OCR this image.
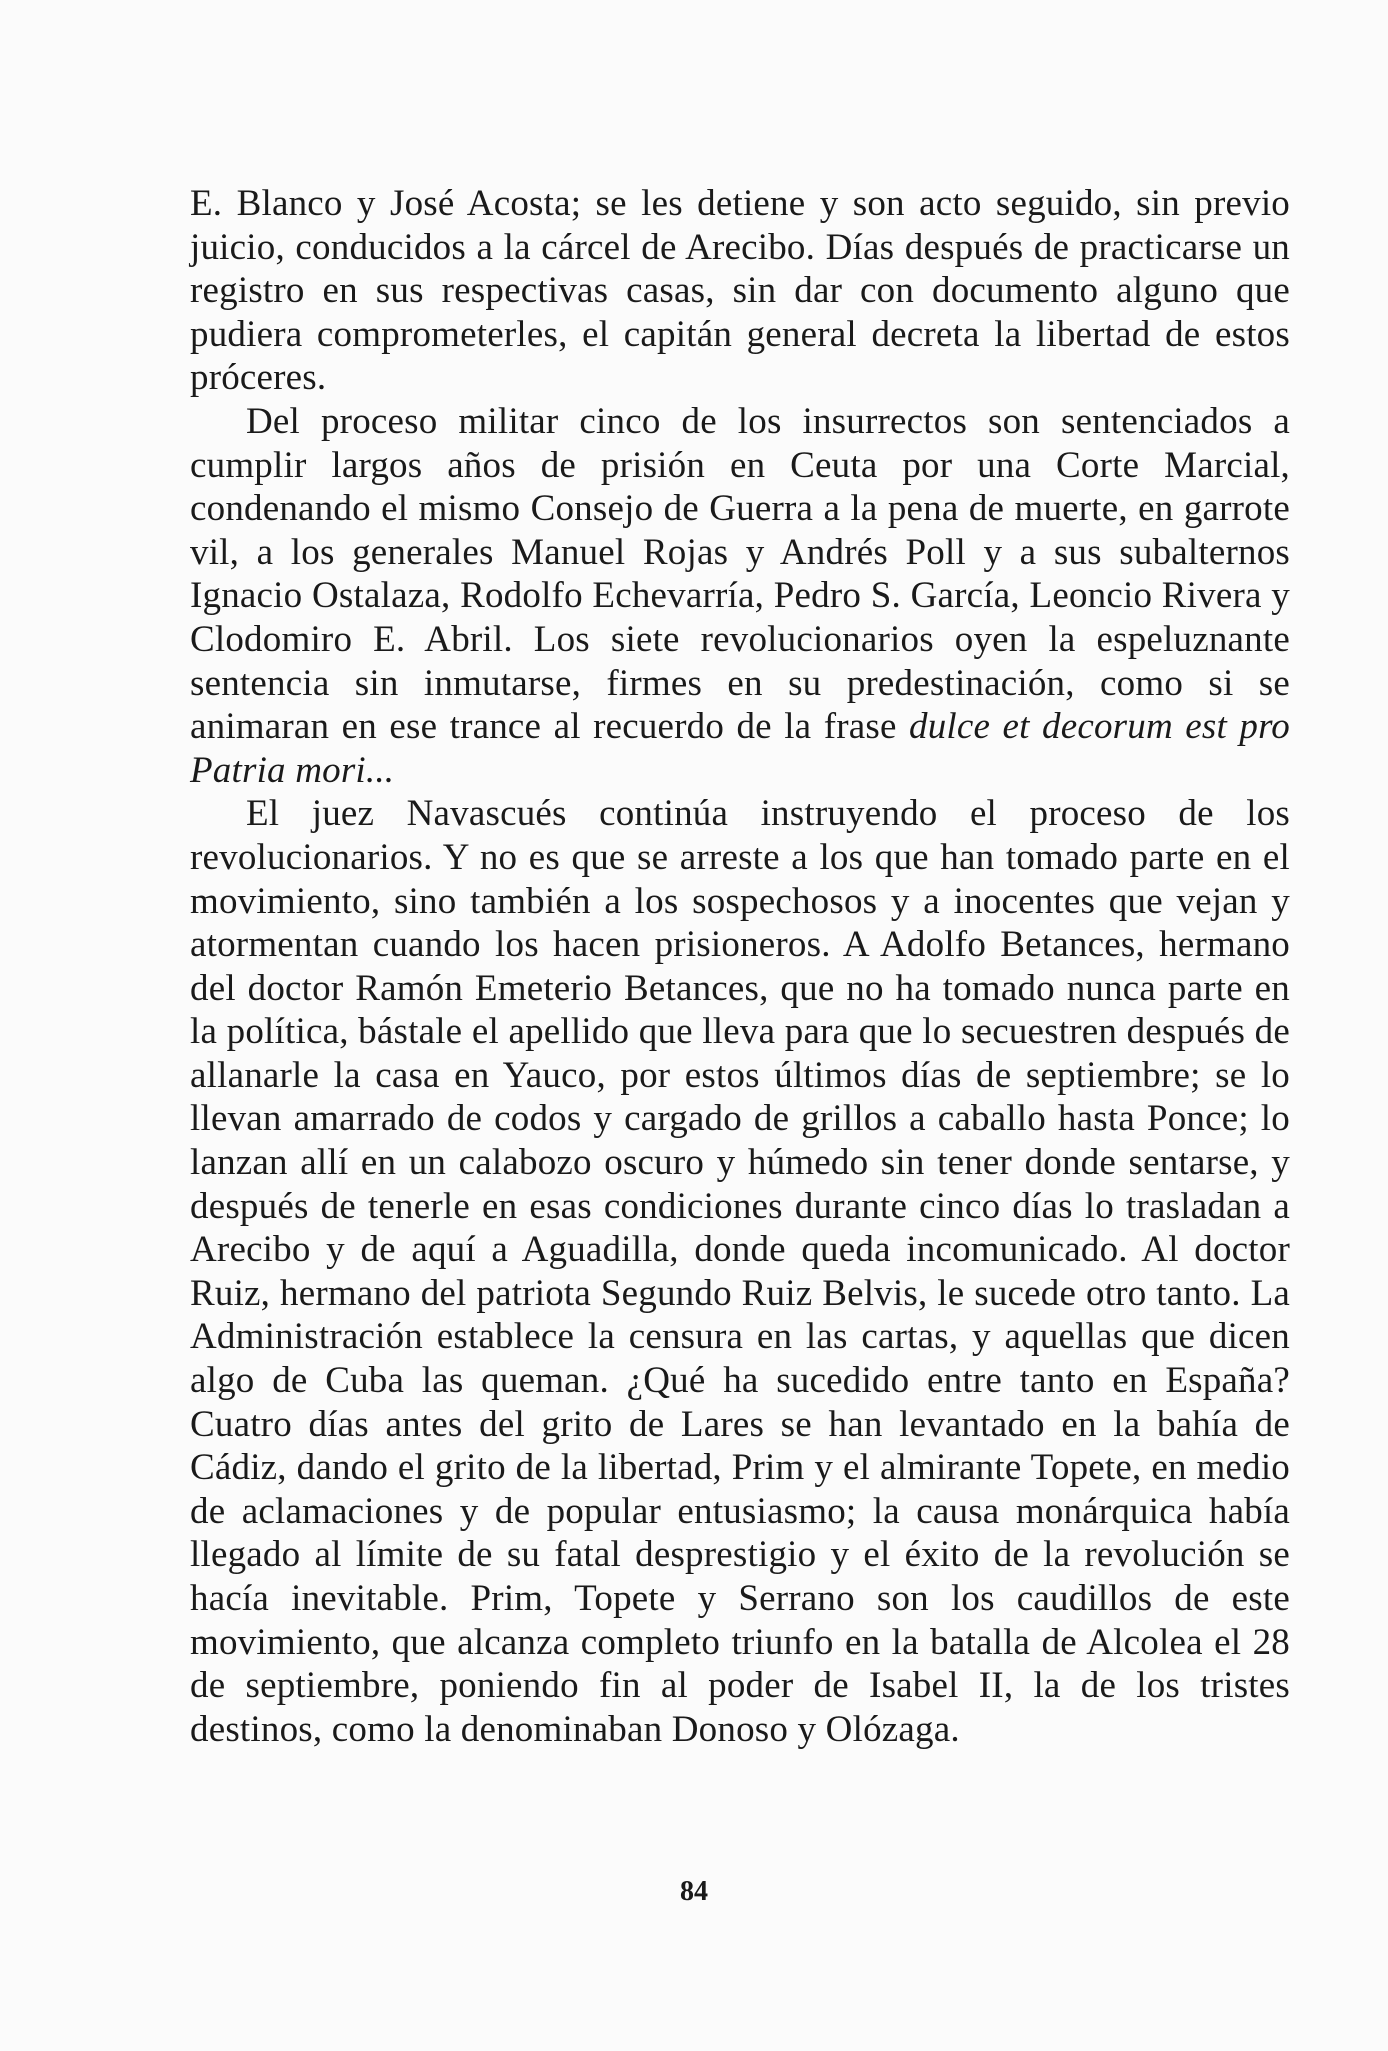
E. Blanco y José Acosta; se les detiene y son acto seguido, sin previo juicio, conducidos a la cárcel de Arecibo. Días después de practicarse un registro en sus respectivas casas, sin dar con documento alguno que pudiera comprometerles, el capitán general decreta la libertad de estos próceres.

Del proceso militar cinco de los insurrectos son sentenciados a cumplir largos años de prisión en Ceuta por una Corte Marcial, condenando el mismo Consejo de Guerra a la pena de muerte, en garrote vil, a los generales Manuel Rojas y Andrés Poll y a sus subalternos Ignacio Ostalaza, Rodolfo Echevarría, Pedro S. García, Leoncio Rivera y Clodomiro E. Abril. Los siete revolucionarios oyen la espeluznante sentencia sin inmutarse, firmes en su predestinación, como si se animaran en ese trance al recuerdo de la frase dulce et decorum est pro Patria mori...

El juez Navascués continúa instruyendo el proceso de los revolucionarios. Y no es que se arreste a los que han tomado parte en el movimiento, sino también a los sospechosos y a inocentes que vejan y atormentan cuando los hacen prisioneros. A Adolfo Betances, hermano del doctor Ramón Emeterio Betances, que no ha tomado nunca parte en la política, bástale el apellido que lleva para que lo secuestren después de allanarle la casa en Yauco, por estos últimos días de septiembre; se lo llevan amarrado de codos y cargado de grillos a caballo hasta Ponce; lo lanzan allí en un calabozo oscuro y húmedo sin tener donde sentarse, y después de tenerle en esas condiciones durante cinco días lo trasladan a Arecibo y de aquí a Aguadilla, donde queda incomunicado. Al doctor Ruiz, hermano del patriota Segundo Ruiz Belvis, le sucede otro tanto. La Administración establece la censura en las cartas, y aquellas que dicen algo de Cuba las queman. ¿Qué ha sucedido entre tanto en España? Cuatro días antes del grito de Lares se han levantado en la bahía de Cádiz, dando el grito de la libertad, Prim y el almirante Topete, en medio de aclamaciones y de popular entusiasmo; la causa monárquica había llegado al límite de su fatal desprestigio y el éxito de la revolución se hacía inevitable. Prim, Topete y Serrano son los caudillos de este movimiento, que alcanza completo triunfo en la batalla de Alcolea el 28 de septiembre, poniendo fin al poder de Isabel II, la de los tristes destinos, como la denominaban Donoso y Olózaga.

84
